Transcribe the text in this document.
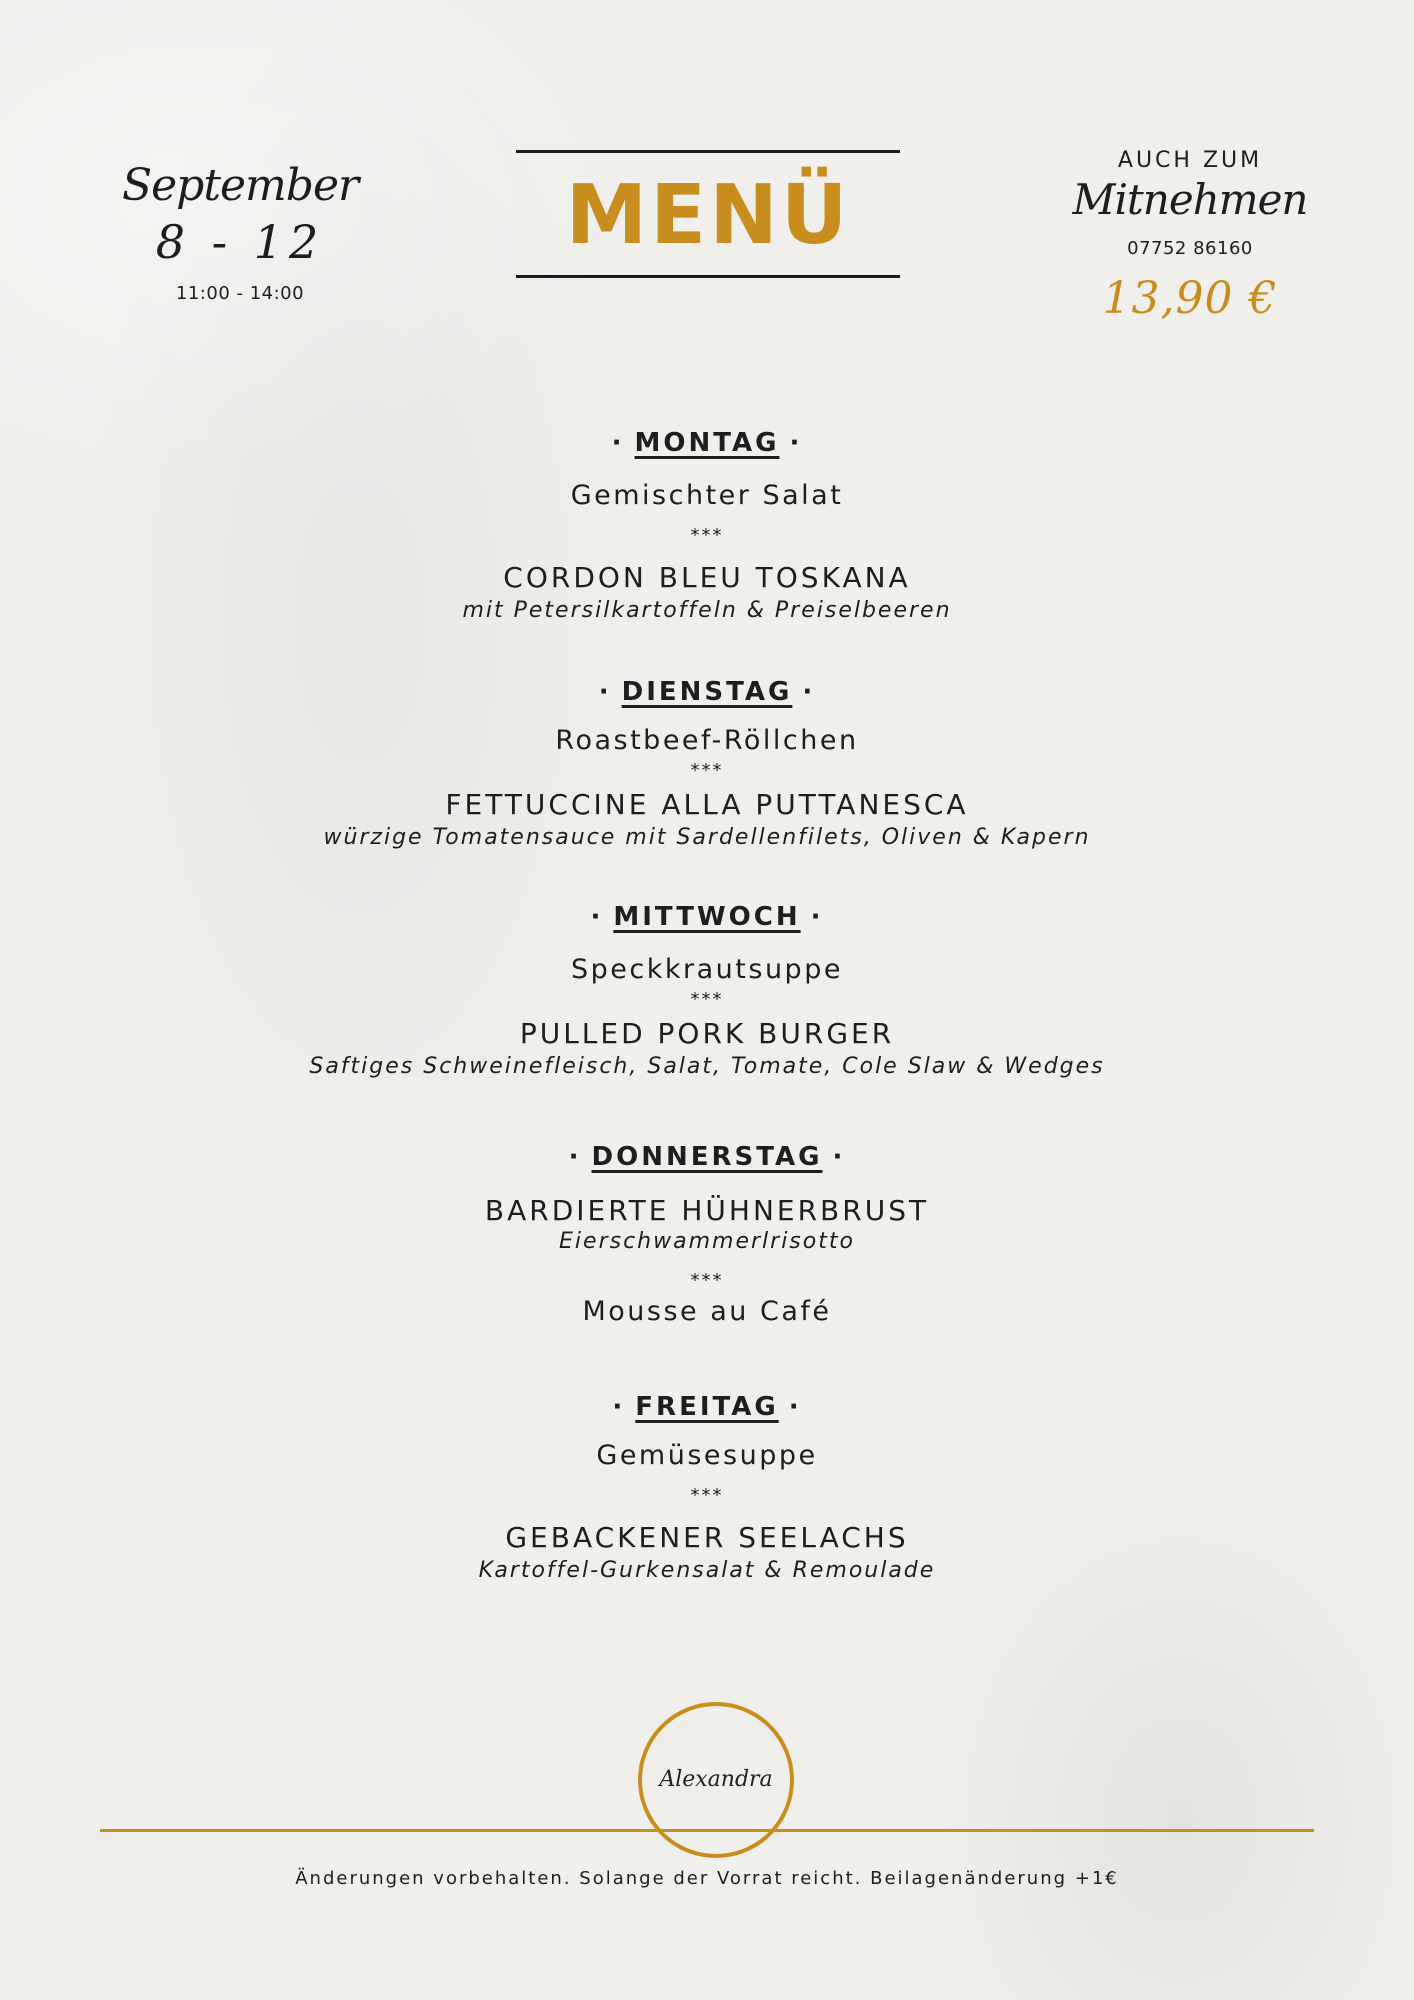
September
8 - 12
11:00 - 14:00
MENÜ
AUCH ZUM
Mitnehmen
07752 86160
13,90 €
· MONTAG ·
Gemischter Salat
***
CORDON BLEU TOSKANA
mit Petersilkartoffeln & Preiselbeeren
· DIENSTAG ·
Roastbeef-Röllchen
***
FETTUCCINE ALLA PUTTANESCA
würzige Tomatensauce mit Sardellenfilets, Oliven & Kapern
· MITTWOCH ·
Speckkrautsuppe
***
PULLED PORK BURGER
Saftiges Schweinefleisch, Salat, Tomate, Cole Slaw & Wedges
· DONNERSTAG ·
BARDIERTE HÜHNERBRUST
Eierschwammerlrisotto
***
Mousse au Café
· FREITAG ·
Gemüsesuppe
***
GEBACKENER SEELACHS
Kartoffel-Gurkensalat & Remoulade
Alexandra
Änderungen vorbehalten. Solange der Vorrat reicht. Beilagenänderung +1€
